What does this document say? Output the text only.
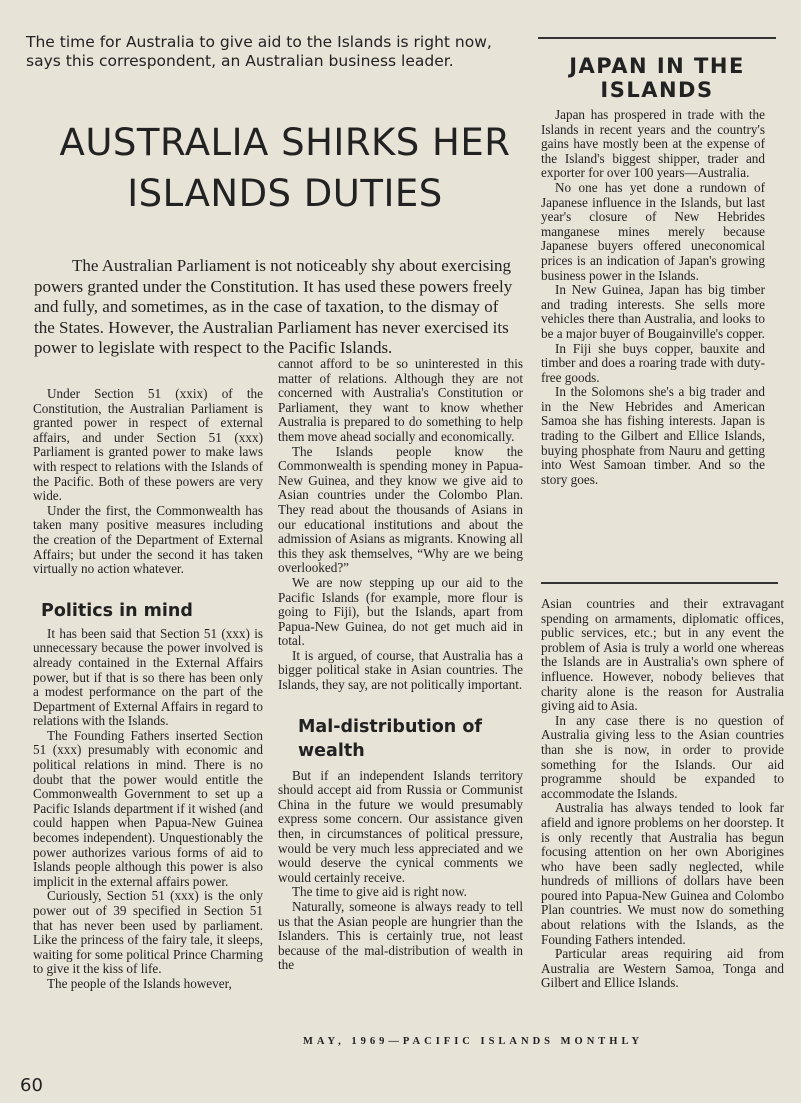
The time for Australia to give aid to the Islands is right now, says this correspondent, an Australian business leader.

AUSTRALIA SHIRKS HER ISLANDS DUTIES

The Australian Parliament is not noticeably shy about exercising powers granted under the Constitution. It has used these powers freely and fully, and sometimes, as in the case of taxation, to the dismay of the States. However, the Australian Parliament has never exercised its power to legislate with respect to the Pacific Islands.

Under Section 51 (xxix) of the Constitution, the Australian Parliament is granted power in respect of external affairs, and under Section 51 (xxx) Parliament is granted power to make laws with respect to relations with the Islands of the Pacific. Both of these powers are very wide.

Under the first, the Commonwealth has taken many positive measures including the creation of the Department of External Affairs; but under the second it has taken virtually no action whatever.

Politics in mind

It has been said that Section 51 (xxx) is unnecessary because the power involved is already contained in the External Affairs power, but if that is so there has been only a modest performance on the part of the Department of External Affairs in regard to relations with the Islands.

The Founding Fathers inserted Section 51 (xxx) presumably with economic and political relations in mind. There is no doubt that the power would entitle the Commonwealth Government to set up a Pacific Islands department if it wished (and could happen when Papua-New Guinea becomes independent). Unquestionably the power authorizes various forms of aid to Islands people although this power is also implicit in the external affairs power.

Curiously, Section 51 (xxx) is the only power out of 39 specified in Section 51 that has never been used by parliament. Like the princess of the fairy tale, it sleeps, waiting for some political Prince Charming to give it the kiss of life.

The people of the Islands however,

cannot afford to be so uninterested in this matter of relations. Although they are not concerned with Australia's Constitution or Parliament, they want to know whether Australia is prepared to do something to help them move ahead socially and economically.

The Islands people know the Commonwealth is spending money in Papua-New Guinea, and they know we give aid to Asian countries under the Colombo Plan. They read about the thousands of Asians in our educational institutions and about the admission of Asians as migrants. Knowing all this they ask themselves, “Why are we being overlooked?”

We are now stepping up our aid to the Pacific Islands (for example, more flour is going to Fiji), but the Islands, apart from Papua-New Guinea, do not get much aid in total.

It is argued, of course, that Australia has a bigger political stake in Asian countries. The Islands, they say, are not politically important.

Mal-distribution of wealth

But if an independent Islands territory should accept aid from Russia or Communist China in the future we would presumably express some concern. Our assistance given then, in circumstances of political pressure, would be very much less appreciated and we would deserve the cynical comments we would certainly receive.

The time to give aid is right now.

Naturally, someone is always ready to tell us that the Asian people are hungrier than the Islanders. This is certainly true, not least because of the mal-distribution of wealth in the

JAPAN IN THE ISLANDS

Japan has prospered in trade with the Islands in recent years and the country's gains have mostly been at the expense of the Island's biggest shipper, trader and exporter for over 100 years—Australia.

No one has yet done a rundown of Japanese influence in the Islands, but last year's closure of New Hebrides manganese mines merely because Japanese buyers offered uneconomical prices is an indication of Japan's growing business power in the Islands.

In New Guinea, Japan has big timber and trading interests. She sells more vehicles there than Australia, and looks to be a major buyer of Bougainville's copper.

In Fiji she buys copper, bauxite and timber and does a roaring trade with duty-free goods.

In the Solomons she's a big trader and in the New Hebrides and American Samoa she has fishing interests. Japan is trading to the Gilbert and Ellice Islands, buying phosphate from Nauru and getting into West Samoan timber. And so the story goes.

Asian countries and their extravagant spending on armaments, diplomatic offices, public services, etc.; but in any event the problem of Asia is truly a world one whereas the Islands are in Australia's own sphere of influence. However, nobody believes that charity alone is the reason for Australia giving aid to Asia.

In any case there is no question of Australia giving less to the Asian countries than she is now, in order to provide something for the Islands. Our aid programme should be expanded to accommodate the Islands.

Australia has always tended to look far afield and ignore problems on her doorstep. It is only recently that Australia has begun focusing attention on her own Aborigines who have been sadly neglected, while hundreds of millions of dollars have been poured into Papua-New Guinea and Colombo Plan countries. We must now do something about relations with the Islands, as the Founding Fathers intended.

Particular areas requiring aid from Australia are Western Samoa, Tonga and Gilbert and Ellice Islands.

60
MAY, 1969—PACIFIC ISLANDS MONTHLY
